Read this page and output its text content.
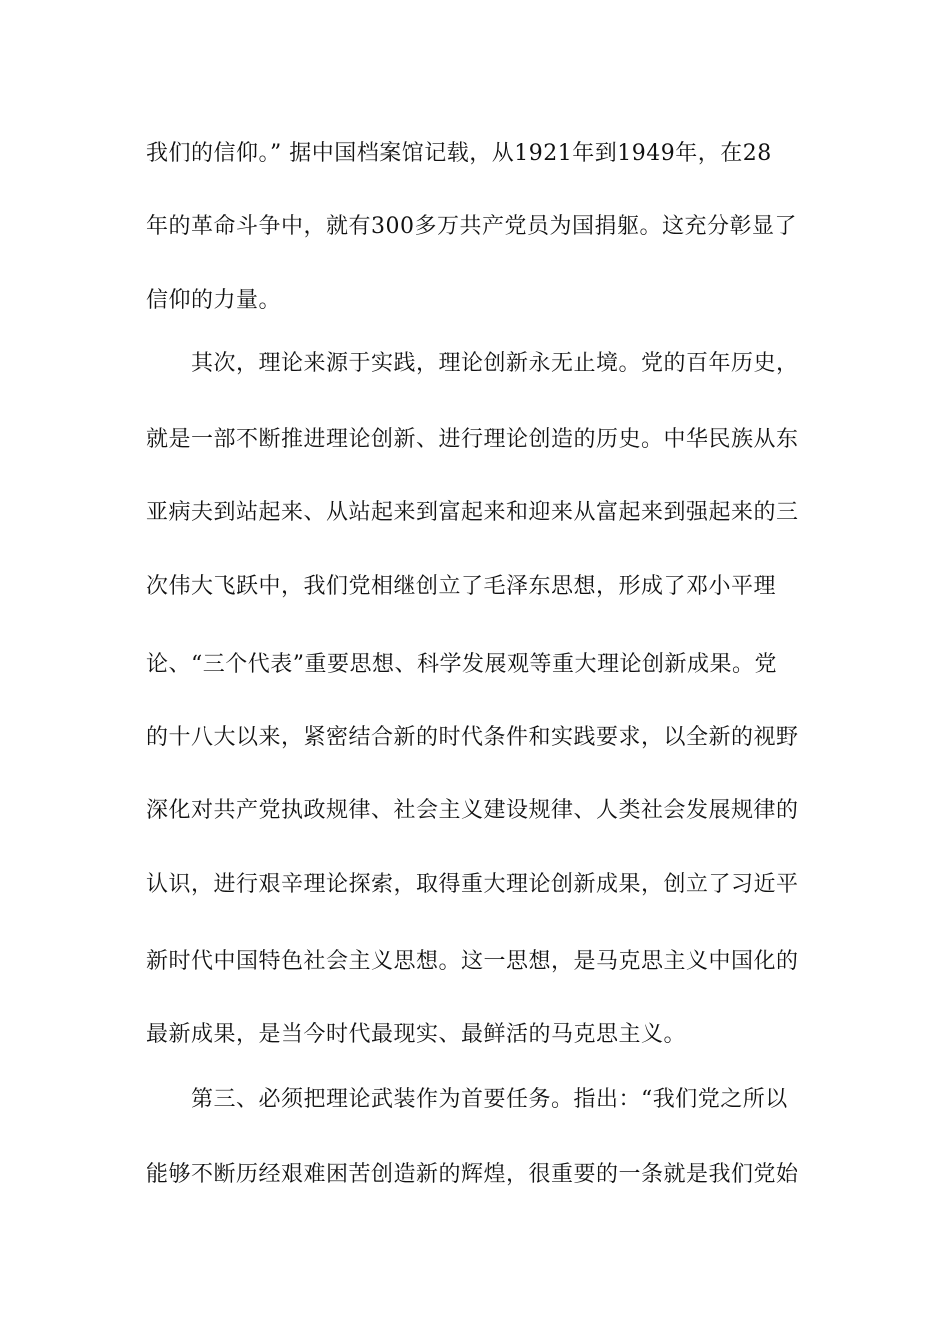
我们的信仰。” 据中国档案馆记载，从1921年到1949年，在28
年的革命斗争中，就有300多万共产党员为国捐躯。这充分彰显了
信仰的力量。
其次，理论来源于实践，理论创新永无止境。党的百年历史，
就是一部不断推进理论创新、进行理论创造的历史。中华民族从东
亚病夫到站起来、从站起来到富起来和迎来从富起来到强起来的三
次伟大飞跃中，我们党相继创立了毛泽东思想，形成了邓小平理
论、“三个代表”重要思想、科学发展观等重大理论创新成果。党
的十八大以来，紧密结合新的时代条件和实践要求，以全新的视野
深化对共产党执政规律、社会主义建设规律、人类社会发展规律的
认识，进行艰辛理论探索，取得重大理论创新成果，创立了习近平
新时代中国特色社会主义思想。这一思想，是马克思主义中国化的
最新成果，是当今时代最现实、最鲜活的马克思主义。
第三、必须把理论武装作为首要任务。指出：“我们党之所以
能够不断历经艰难困苦创造新的辉煌，很重要的一条就是我们党始
